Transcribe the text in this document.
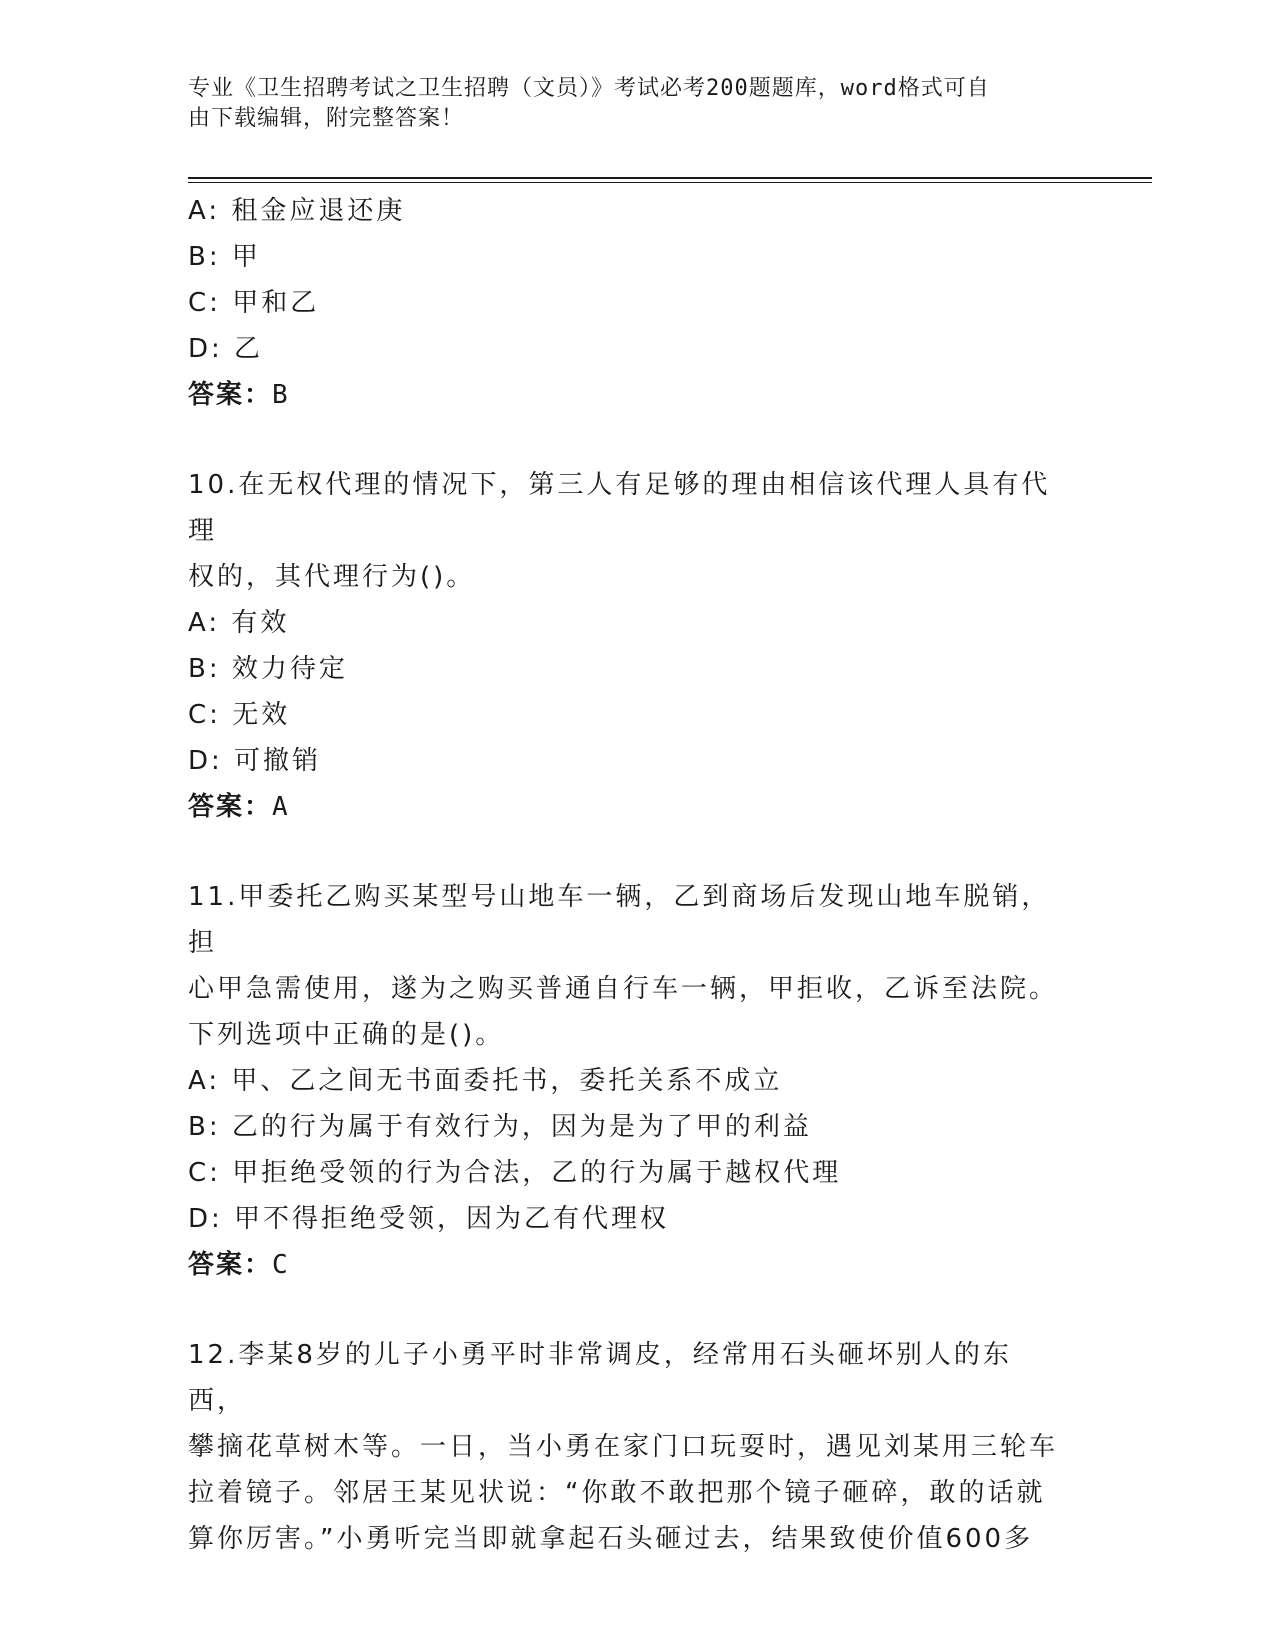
专业《卫生招聘考试之卫生招聘（文员）》考试必考200题题库，word格式可自
由下载编辑，附完整答案！
A: 租金应退还庚
B: 甲
C: 甲和乙
D: 乙
答案：B
10.在无权代理的情况下，第三人有足够的理由相信该代理人具有代理
权的，其代理行为()。
A: 有效
B: 效力待定
C: 无效
D: 可撤销
答案：A
11.甲委托乙购买某型号山地车一辆，乙到商场后发现山地车脱销，担
心甲急需使用，遂为之购买普通自行车一辆，甲拒收，乙诉至法院。
下列选项中正确的是()。
A: 甲、乙之间无书面委托书，委托关系不成立
B: 乙的行为属于有效行为，因为是为了甲的利益
C: 甲拒绝受领的行为合法，乙的行为属于越权代理
D: 甲不得拒绝受领，因为乙有代理权
答案：C
12.李某8岁的儿子小勇平时非常调皮，经常用石头砸坏别人的东西，
攀摘花草树木等。一日，当小勇在家门口玩耍时，遇见刘某用三轮车
拉着镜子。邻居王某见状说：“你敢不敢把那个镜子砸碎，敢的话就
算你厉害。”小勇听完当即就拿起石头砸过去，结果致使价值600多
